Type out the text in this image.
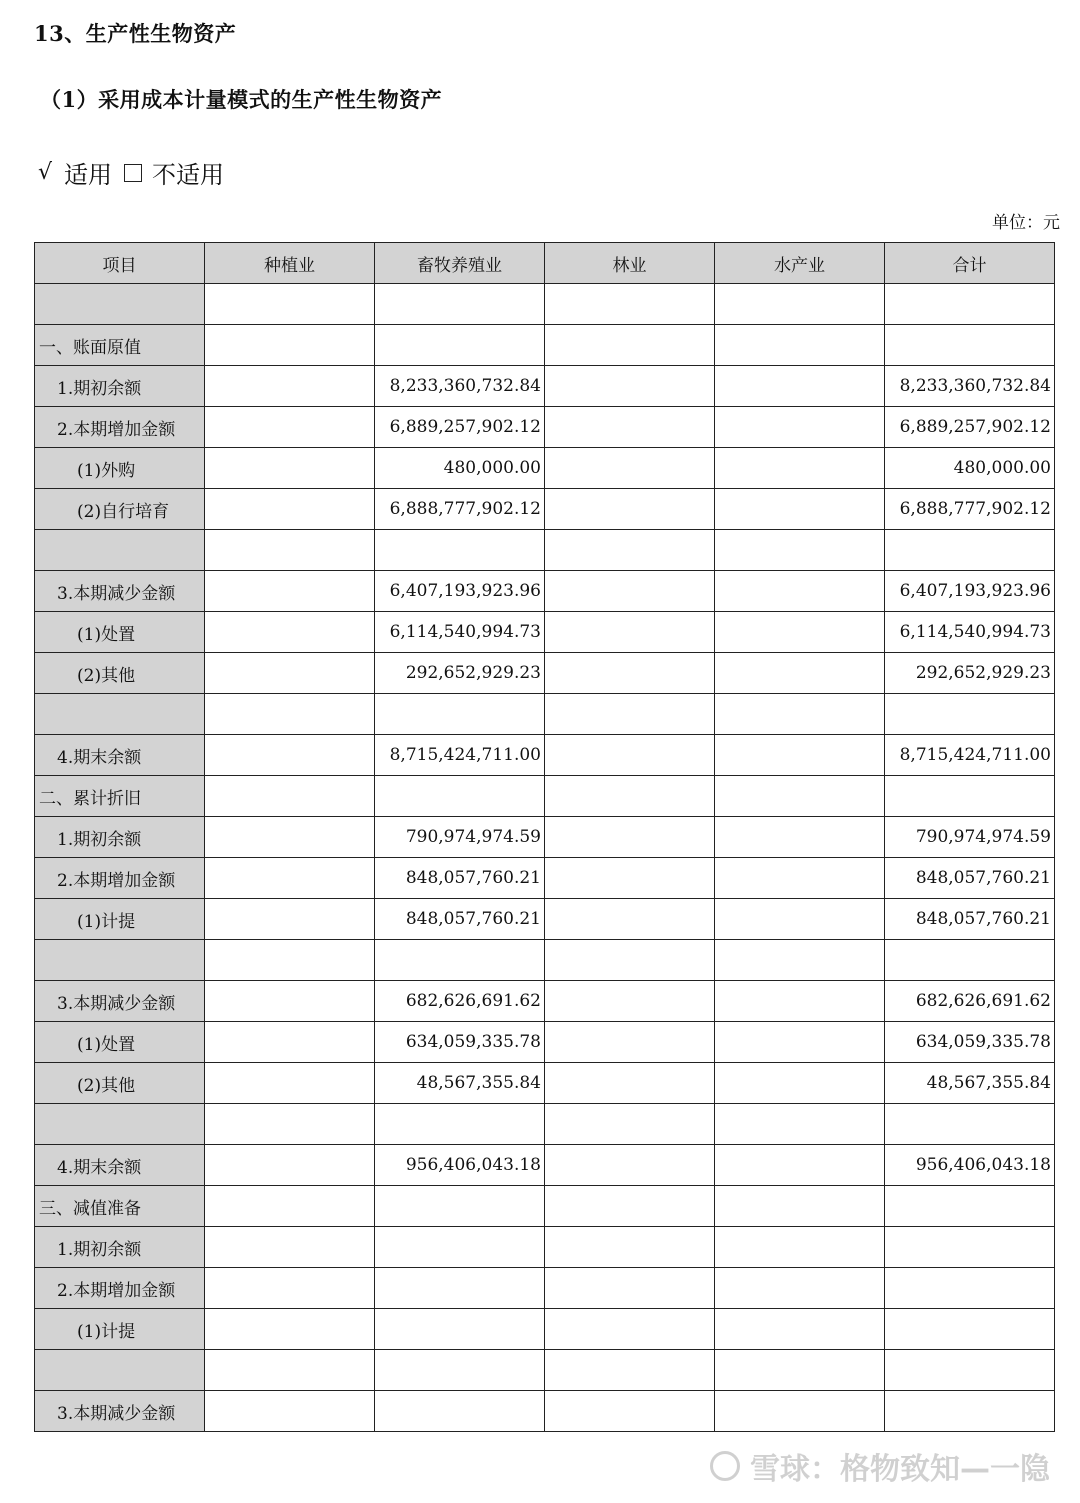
13、生产性生物资产
（1）采用成本计量模式的生产性生物资产
√ 适用 不适用
单位：元
项目	种植业	畜牧养殖业	林业	水产业	合计

一、账面原值					
1.期初余额		8,233,360,732.84			8,233,360,732.84
2.本期增加金额		6,889,257,902.12			6,889,257,902.12
(1)外购		480,000.00			480,000.00
(2)自行培育		6,888,777,902.12			6,888,777,902.12

3.本期减少金额		6,407,193,923.96			6,407,193,923.96
(1)处置		6,114,540,994.73			6,114,540,994.73
(2)其他		292,652,929.23			292,652,929.23

4.期末余额		8,715,424,711.00			8,715,424,711.00
二、累计折旧					
1.期初余额		790,974,974.59			790,974,974.59
2.本期增加金额		848,057,760.21			848,057,760.21
(1)计提		848,057,760.21			848,057,760.21

3.本期减少金额		682,626,691.62			682,626,691.62
(1)处置		634,059,335.78			634,059,335.78
(2)其他		48,567,355.84			48,567,355.84

4.期末余额		956,406,043.18			956,406,043.18
三、减值准备					
1.期初余额					
2.本期增加金额					
(1)计提					

3.本期减少金额					
雪球：格物致知—一隐
